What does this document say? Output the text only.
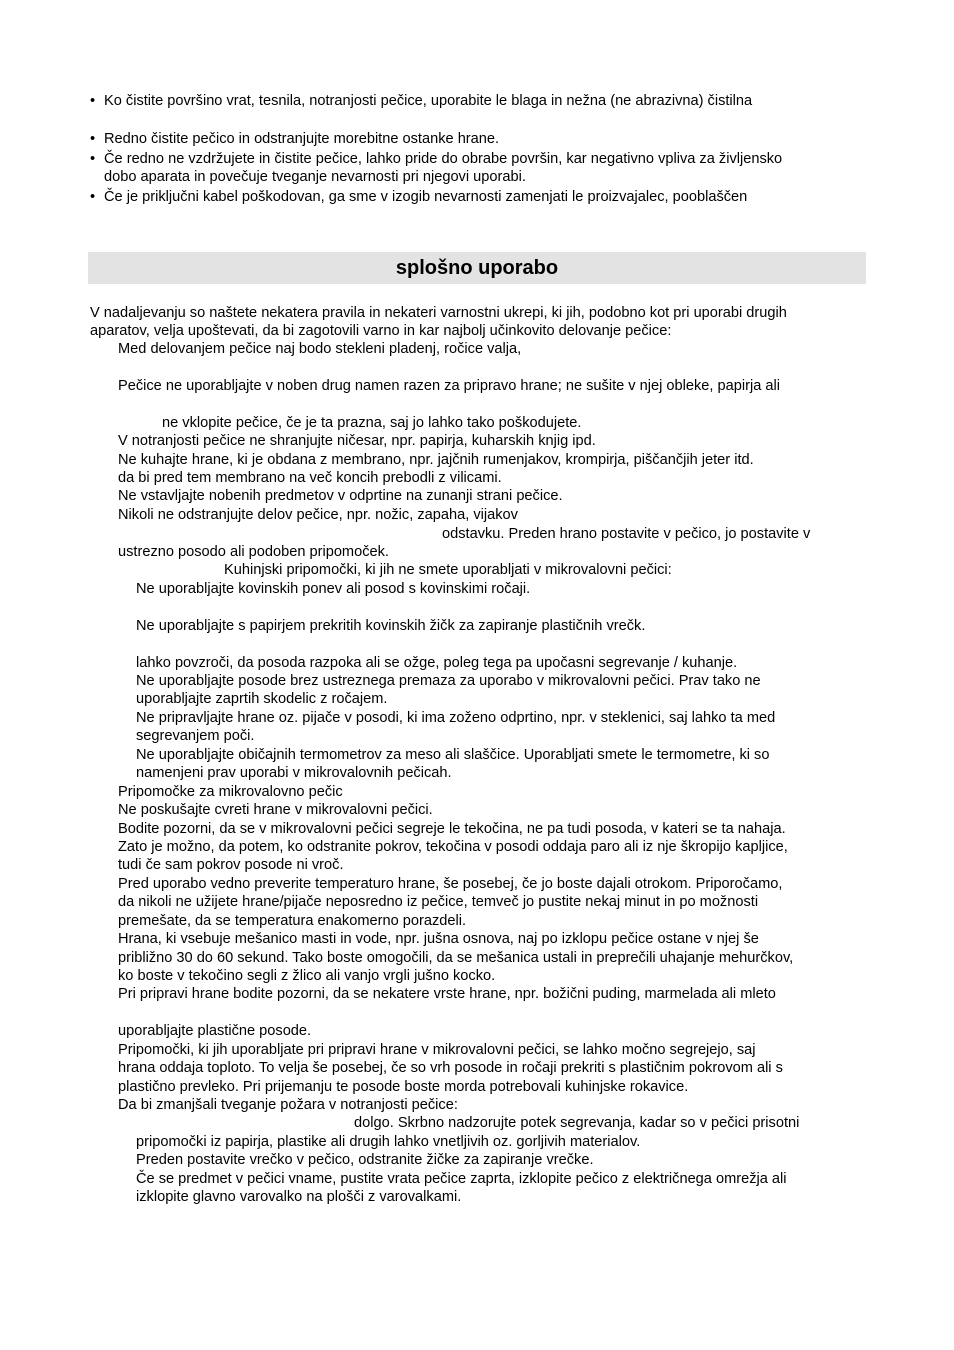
• Ko čistite površino vrat, tesnila, notranjosti pečice, uporabite le blaga in nežna (ne abrazivna) čistilna
• Redno čistite pečico in odstranjujte morebitne ostanke hrane.
• Če redno ne vzdržujete in čistite pečice, lahko pride do obrabe površin, kar negativno vpliva za življensko
dobo aparata in povečuje tveganje nevarnosti pri njegovi uporabi.
• Če je priključni kabel poškodovan, ga sme v izogib nevarnosti zamenjati le proizvajalec, pooblaščen
splošno uporabo
V nadaljevanju so naštete nekatera pravila in nekateri varnostni ukrepi, ki jih, podobno kot pri uporabi drugih
aparatov, velja upoštevati, da bi zagotovili varno in kar najbolj učinkovito delovanje pečice:
Med delovanjem pečice naj bodo stekleni pladenj, ročice valja,
Pečice ne uporabljajte v noben drug namen razen za pripravo hrane; ne sušite v njej obleke, papirja ali
ne vklopite pečice, če je ta prazna, saj jo lahko tako poškodujete.
V notranjosti pečice ne shranjujte ničesar, npr. papirja, kuharskih knjig ipd.
Ne kuhajte hrane, ki je obdana z membrano, npr. jajčnih rumenjakov, krompirja, piščančjih jeter itd.
da bi pred tem membrano na več koncih prebodli z vilicami.
Ne vstavljajte nobenih predmetov v odprtine na zunanji strani pečice.
Nikoli ne odstranjujte delov pečice, npr. nožic, zapaha, vijakov
odstavku. Preden hrano postavite v pečico, jo postavite v
ustrezno posodo ali podoben pripomoček.
Kuhinjski pripomočki, ki jih ne smete uporabljati v mikrovalovni pečici:
Ne uporabljajte kovinskih ponev ali posod s kovinskimi ročaji.
Ne uporabljajte s papirjem prekritih kovinskih žičk za zapiranje plastičnih vrečk.
lahko povzroči, da posoda razpoka ali se ožge, poleg tega pa upočasni segrevanje / kuhanje.
Ne uporabljajte posode brez ustreznega premaza za uporabo v mikrovalovni pečici. Prav tako ne
uporabljajte zaprtih skodelic z ročajem.
Ne pripravljajte hrane oz. pijače v posodi, ki ima zoženo odprtino, npr. v steklenici, saj lahko ta med
segrevanjem poči.
Ne uporabljajte običajnih termometrov za meso ali slaščice. Uporabljati smete le termometre, ki so
namenjeni prav uporabi v mikrovalovnih pečicah.
Pripomočke za mikrovalovno pečic
Ne poskušajte cvreti hrane v mikrovalovni pečici.
Bodite pozorni, da se v mikrovalovni pečici segreje le tekočina, ne pa tudi posoda, v kateri se ta nahaja.
Zato je možno, da potem, ko odstranite pokrov, tekočina v posodi oddaja paro ali iz nje škropijo kapljice,
tudi če sam pokrov posode ni vroč.
Pred uporabo vedno preverite temperaturo hrane, še posebej, če jo boste dajali otrokom. Priporočamo,
da nikoli ne užijete hrane/pijače neposredno iz pečice, temveč jo pustite nekaj minut in po možnosti
premešate, da se temperatura enakomerno porazdeli.
Hrana, ki vsebuje mešanico masti in vode, npr. jušna osnova, naj po izklopu pečice ostane v njej še
približno 30 do 60 sekund. Tako boste omogočili, da se mešanica ustali in preprečili uhajanje mehurčkov,
ko boste v tekočino segli z žlico ali vanjo vrgli jušno kocko.
Pri pripravi hrane bodite pozorni, da se nekatere vrste hrane, npr. božični puding, marmelada ali mleto
uporabljajte plastične posode.
Pripomočki, ki jih uporabljate pri pripravi hrane v mikrovalovni pečici, se lahko močno segrejejo, saj
hrana oddaja toploto. To velja še posebej, če so vrh posode in ročaji prekriti s plastičnim pokrovom ali s
plastično prevleko. Pri prijemanju te posode boste morda potrebovali kuhinjske rokavice.
Da bi zmanjšali tveganje požara v notranjosti pečice:
dolgo. Skrbno nadzorujte potek segrevanja, kadar so v pečici prisotni
pripomočki iz papirja, plastike ali drugih lahko vnetljivih oz. gorljivih materialov.
Preden postavite vrečko v pečico, odstranite žičke za zapiranje vrečke.
Če se predmet v pečici vname, pustite vrata pečice zaprta, izklopite pečico z električnega omrežja ali
izklopite glavno varovalko na plošči z varovalkami.
